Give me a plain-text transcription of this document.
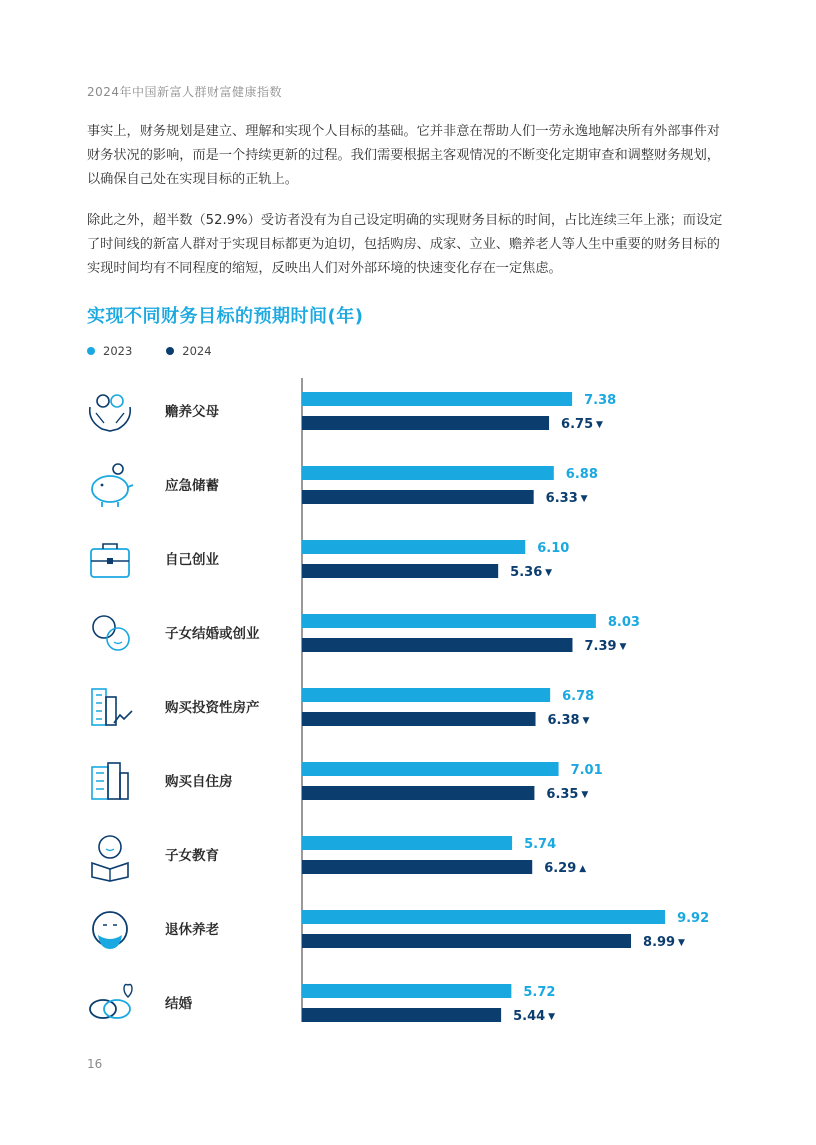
2024年中国新富人群财富健康指数

事实上，财务规划是建立、理解和实现个人目标的基础。它并非意在帮助人们一劳永逸地解决所有外部事件对财务状况的影响，而是一个持续更新的过程。我们需要根据主客观情况的不断变化定期审查和调整财务规划，以确保自己处在实现目标的正轨上。

除此之外，超半数（52.9%）受访者没有为自己设定明确的实现财务目标的时间，占比连续三年上涨；而设定了时间线的新富人群对于实现目标都更为迫切，包括购房、成家、立业、赡养老人等人生中重要的财务目标的实现时间均有不同程度的缩短，反映出人们对外部环境的快速变化存在一定焦虑。

实现不同财务目标的预期时间(年)
2023	2024
赡养父母
7.38
6.75 ▼
应急储蓄
6.88
6.33 ▼
自己创业
6.10
5.36 ▼
子女结婚或创业
8.03
7.39 ▼
购买投资性房产
6.78
6.38 ▼
购买自住房
7.01
6.35 ▼
子女教育
5.74
6.29 ▲
退休养老
9.92
8.99 ▼
结婚
5.72
5.44 ▼
16
